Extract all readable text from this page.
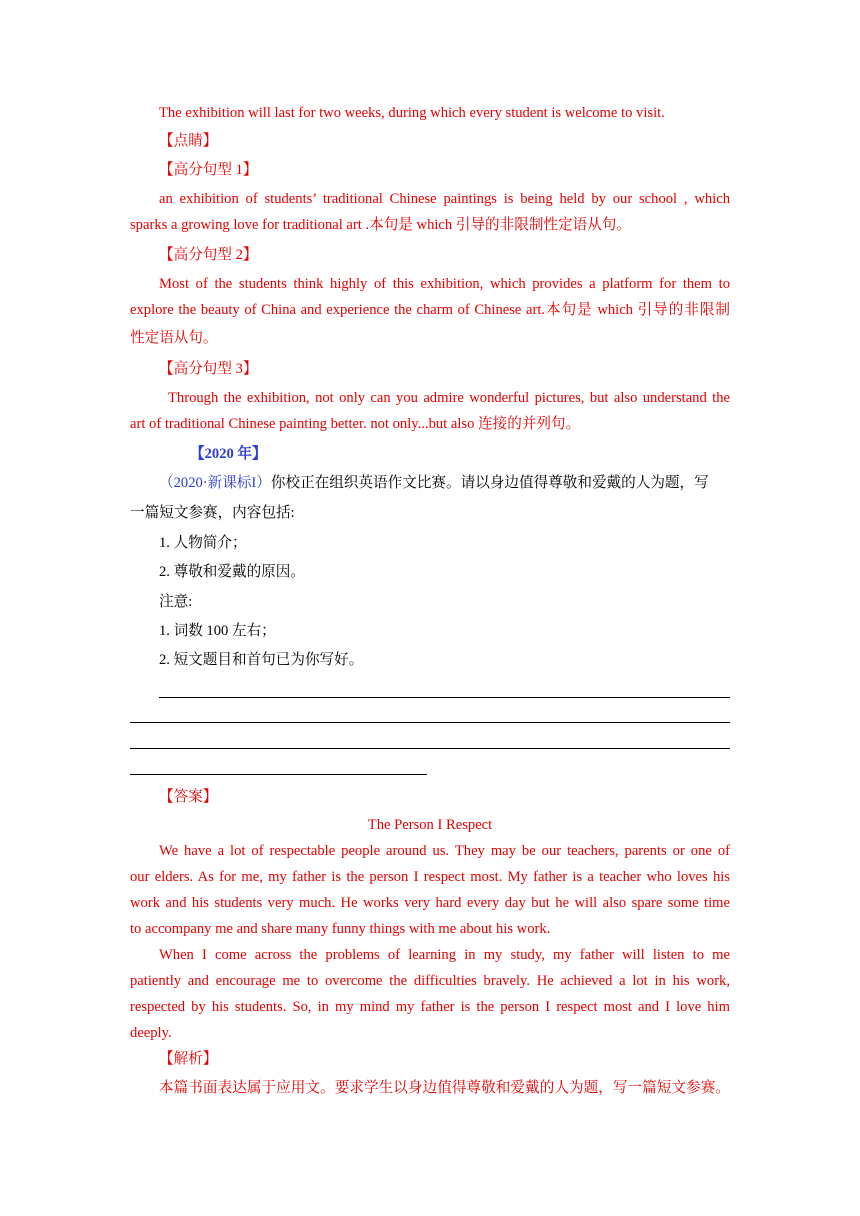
The exhibition will last for two weeks, during which every student is welcome to visit.
【点睛】
【高分句型 1】
an exhibition of students’ traditional Chinese paintings is being held by our school , which
sparks a growing love for traditional art .本句是 which 引导的非限制性定语从句。
【高分句型 2】
Most of the students think highly of this exhibition, which provides a platform for them to
explore the beauty of China and experience the charm of Chinese art.本句是 which 引导的非限制
性定语从句。
【高分句型 3】
Through the exhibition, not only can you admire wonderful pictures, but also understand the
art of traditional Chinese painting better. not only...but also 连接的并列句。
【2020 年】
（2020·新课标I）你校正在组织英语作文比赛。请以身边值得尊敬和爱戴的人为题，写
一篇短文参赛，内容包括:
1. 人物简介；
2. 尊敬和爱戴的原因。
注意:
1. 词数 100 左右；
2. 短文题目和首句已为你写好。
【答案】
The Person I Respect
We have a lot of respectable people around us. They may be our teachers, parents or one of
our elders. As for me, my father is the person I respect most. My father is a teacher who loves his
work and his students very much. He works very hard every day but he will also spare some time
to accompany me and share many funny things with me about his work.
When I come across the problems of learning in my study, my father will listen to me
patiently and encourage me to overcome the difficulties bravely. He achieved a lot in his work,
respected by his students. So, in my mind my father is the person I respect most and I love him
deeply.
【解析】
本篇书面表达属于应用文。要求学生以身边值得尊敬和爱戴的人为题，写一篇短文参赛。
